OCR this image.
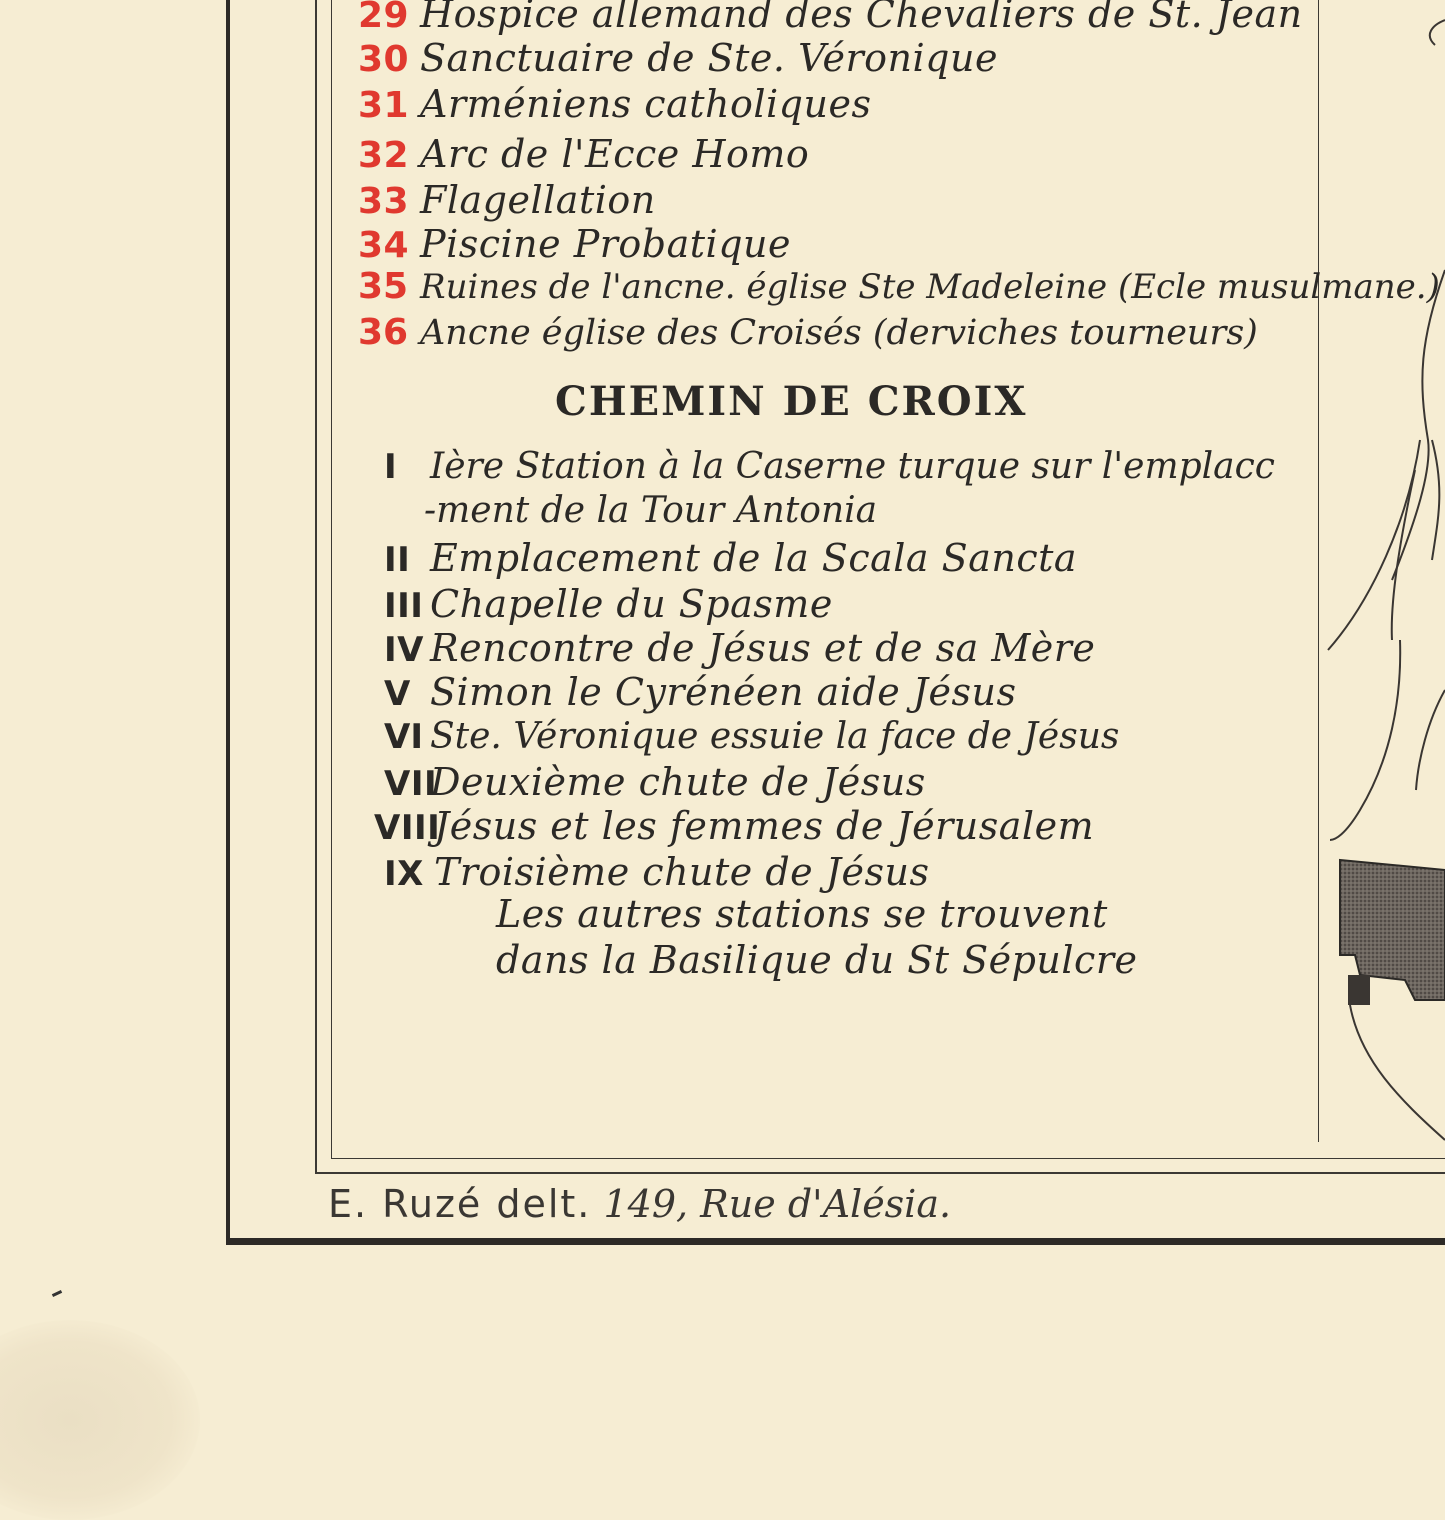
29 Hospice allemand des Chevaliers de St. Jean
30 Sanctuaire de Ste. Véronique
31 Arméniens catholiques
32 Arc de l'Ecce Homo
33 Flagellation
34 Piscine Probatique
35 Ruines de l'ancne. église Ste Madeleine (Ecle musulmane.)
36 Ancne église des Croisés (derviches tourneurs)
CHEMIN DE CROIX
I Ière Station à la Caserne turque sur l'emplacc
-ment de la Tour Antonia
II Emplacement de la Scala Sancta
III Chapelle du Spasme
IV Rencontre de Jésus et de sa Mère
V Simon le Cyrénéen aide Jésus
VI Ste. Véronique essuie la face de Jésus
VIIDeuxième chute de Jésus
VIIIJésus et les femmes de Jérusalem
IX Troisième chute de Jésus
Les autres stations se trouvent
dans la Basilique du St Sépulcre
E. Ruzé delt. 149, Rue d'Alésia.
